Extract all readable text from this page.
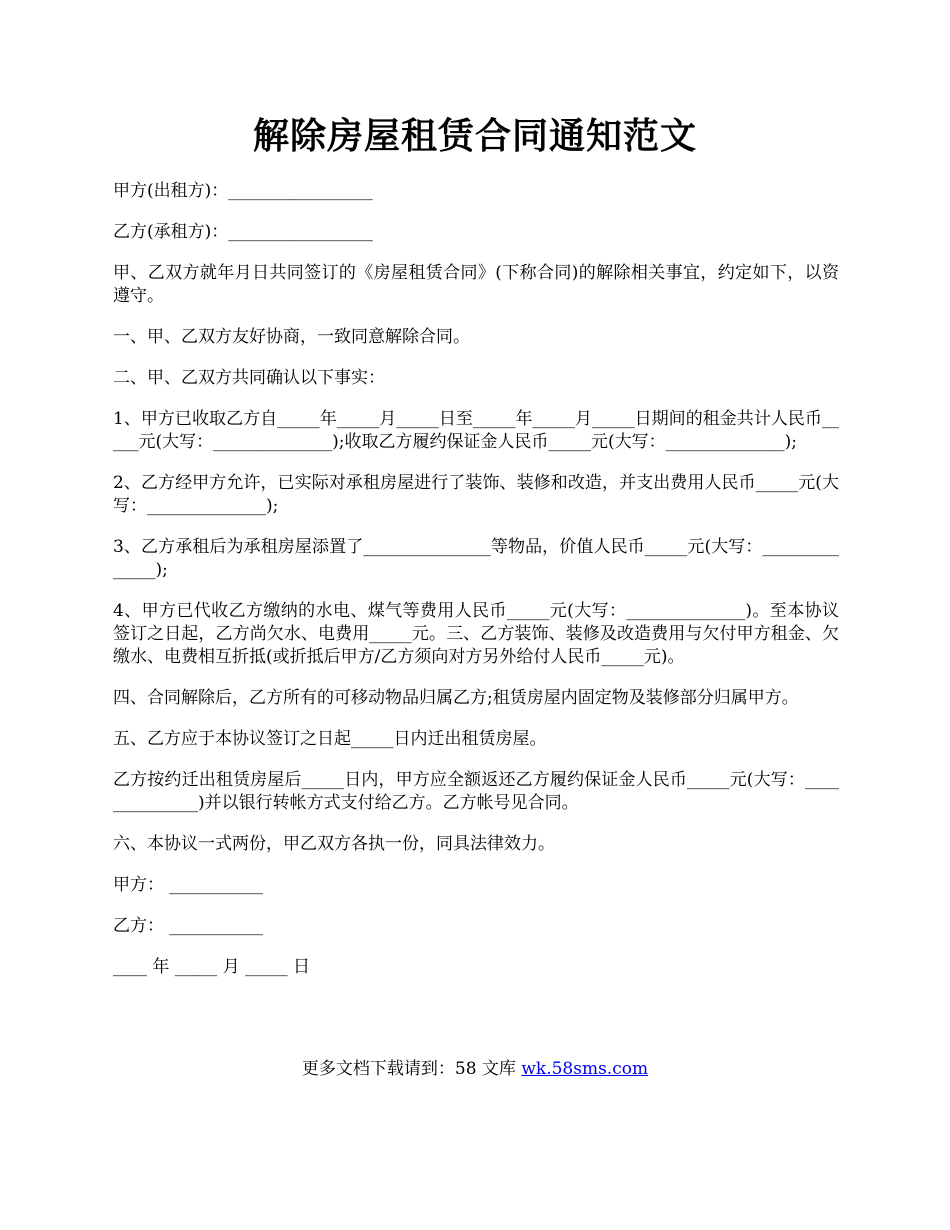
解除房屋租赁合同通知范文

甲方(出租方)：_________________

乙方(承租方)：_________________

甲、乙双方就年月日共同签订的《房屋租赁合同》(下称合同)的解除相关事宜，约定如下，以资遵守。

一、甲、乙双方友好协商，一致同意解除合同。

二、甲、乙双方共同确认以下事实：

1、甲方已收取乙方自_____年_____月_____日至_____年_____月_____日期间的租金共计人民币_____元(大写：______________);收取乙方履约保证金人民币_____元(大写：______________);

2、乙方经甲方允许，已实际对承租房屋进行了装饰、装修和改造，并支出费用人民币_____元(大写：______________);

3、乙方承租后为承租房屋添置了_______________等物品，价值人民币_____元(大写：______________);

4、甲方已代收乙方缴纳的水电、煤气等费用人民币_____元(大写：______________)。至本协议签订之日起，乙方尚欠水、电费用_____元。三、乙方装饰、装修及改造费用与欠付甲方租金、欠缴水、电费相互折抵(或折抵后甲方/乙方须向对方另外给付人民币_____元)。

四、合同解除后，乙方所有的可移动物品归属乙方;租赁房屋内固定物及装修部分归属甲方。

五、乙方应于本协议签订之日起_____日内迁出租赁房屋。

乙方按约迁出租赁房屋后_____日内，甲方应全额返还乙方履约保证金人民币_____元(大写：______________)并以银行转帐方式支付给乙方。乙方帐号见合同。

六、本协议一式两份，甲乙双方各执一份，同具法律效力。

甲方： ___________

乙方： ___________

____ 年 _____ 月 _____ 日

更多文档下载请到：58 文库 wk.58sms.com
